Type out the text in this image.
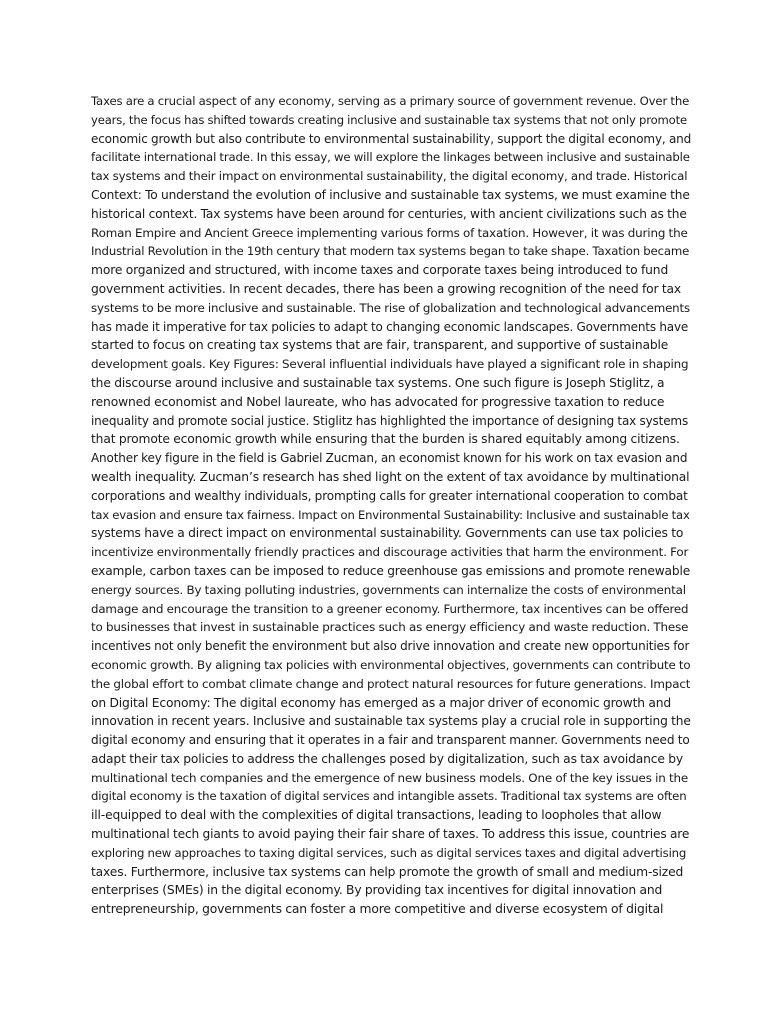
Taxes are a crucial aspect of any economy, serving as a primary source of government revenue. Over the
years, the focus has shifted towards creating inclusive and sustainable tax systems that not only promote
economic growth but also contribute to environmental sustainability, support the digital economy, and
facilitate international trade. In this essay, we will explore the linkages between inclusive and sustainable
tax systems and their impact on environmental sustainability, the digital economy, and trade. Historical
Context: To understand the evolution of inclusive and sustainable tax systems, we must examine the
historical context. Tax systems have been around for centuries, with ancient civilizations such as the
Roman Empire and Ancient Greece implementing various forms of taxation. However, it was during the
Industrial Revolution in the 19th century that modern tax systems began to take shape. Taxation became
more organized and structured, with income taxes and corporate taxes being introduced to fund
government activities. In recent decades, there has been a growing recognition of the need for tax
systems to be more inclusive and sustainable. The rise of globalization and technological advancements
has made it imperative for tax policies to adapt to changing economic landscapes. Governments have
started to focus on creating tax systems that are fair, transparent, and supportive of sustainable
development goals. Key Figures: Several influential individuals have played a significant role in shaping
the discourse around inclusive and sustainable tax systems. One such figure is Joseph Stiglitz, a
renowned economist and Nobel laureate, who has advocated for progressive taxation to reduce
inequality and promote social justice. Stiglitz has highlighted the importance of designing tax systems
that promote economic growth while ensuring that the burden is shared equitably among citizens.
Another key figure in the field is Gabriel Zucman, an economist known for his work on tax evasion and
wealth inequality. Zucman’s research has shed light on the extent of tax avoidance by multinational
corporations and wealthy individuals, prompting calls for greater international cooperation to combat
tax evasion and ensure tax fairness. Impact on Environmental Sustainability: Inclusive and sustainable tax
systems have a direct impact on environmental sustainability. Governments can use tax policies to
incentivize environmentally friendly practices and discourage activities that harm the environment. For
example, carbon taxes can be imposed to reduce greenhouse gas emissions and promote renewable
energy sources. By taxing polluting industries, governments can internalize the costs of environmental
damage and encourage the transition to a greener economy. Furthermore, tax incentives can be offered
to businesses that invest in sustainable practices such as energy efficiency and waste reduction. These
incentives not only benefit the environment but also drive innovation and create new opportunities for
economic growth. By aligning tax policies with environmental objectives, governments can contribute to
the global effort to combat climate change and protect natural resources for future generations. Impact
on Digital Economy: The digital economy has emerged as a major driver of economic growth and
innovation in recent years. Inclusive and sustainable tax systems play a crucial role in supporting the
digital economy and ensuring that it operates in a fair and transparent manner. Governments need to
adapt their tax policies to address the challenges posed by digitalization, such as tax avoidance by
multinational tech companies and the emergence of new business models. One of the key issues in the
digital economy is the taxation of digital services and intangible assets. Traditional tax systems are often
ill-equipped to deal with the complexities of digital transactions, leading to loopholes that allow
multinational tech giants to avoid paying their fair share of taxes. To address this issue, countries are
exploring new approaches to taxing digital services, such as digital services taxes and digital advertising
taxes. Furthermore, inclusive tax systems can help promote the growth of small and medium-sized
enterprises (SMEs) in the digital economy. By providing tax incentives for digital innovation and
entrepreneurship, governments can foster a more competitive and diverse ecosystem of digital
